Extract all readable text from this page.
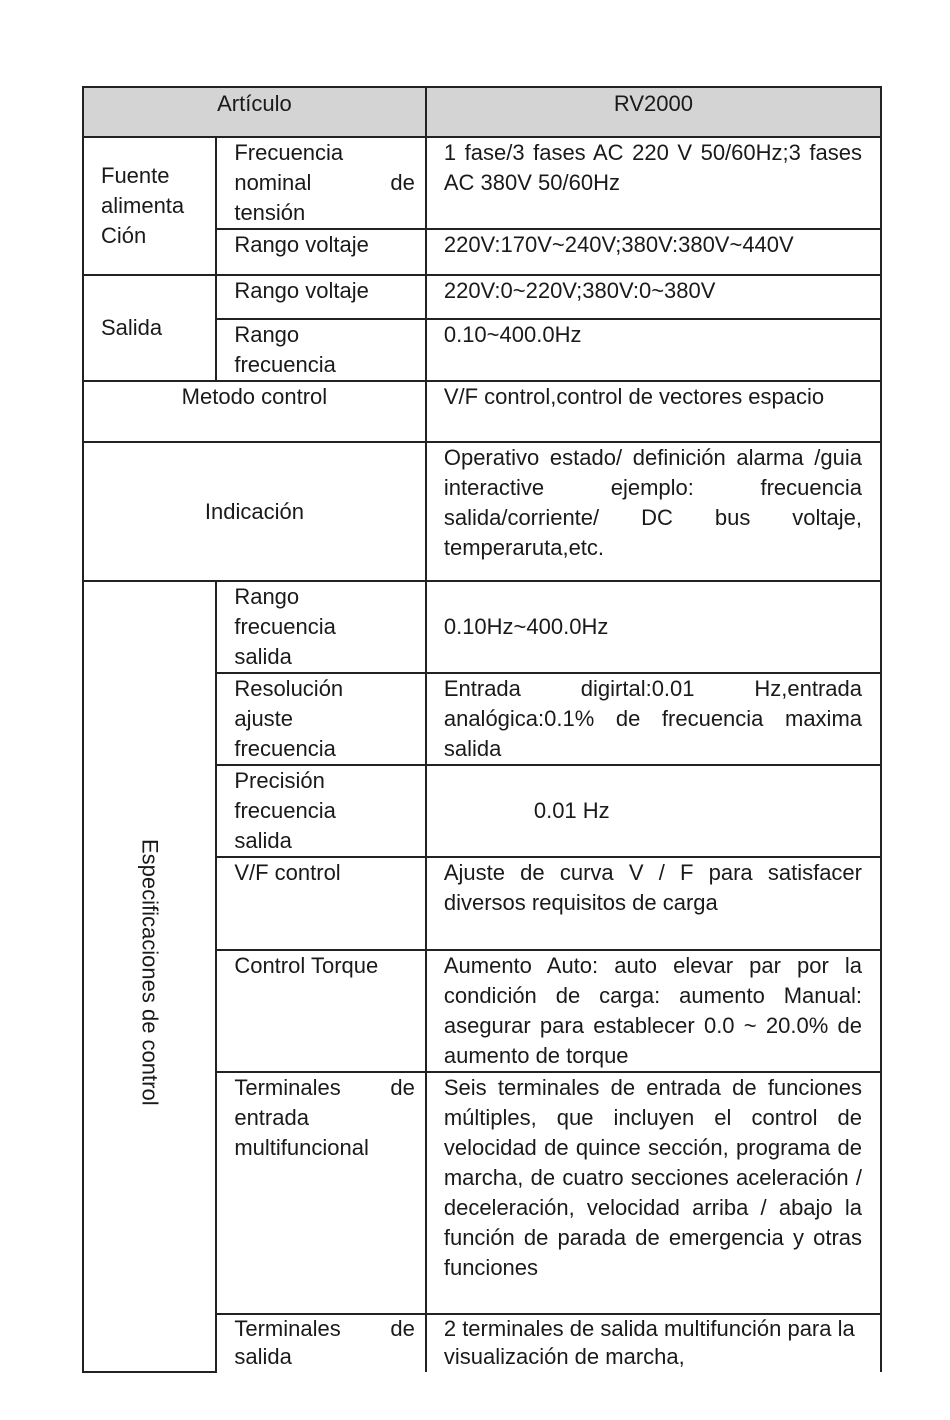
Artículo		RV2000

Fuente alimenta Ción	Frecuencia nominal de tensión	1 fase/3 fases AC 220 V 50/60Hz;3 fases AC 380V 50/60Hz
	Rango voltaje	220V:170V~240V;380V:380V~440V
Salida	Rango voltaje	220V:0~220V;380V:0~380V

	Rango frecuencia	0.10~400.0Hz
Metodo control		V/F control,control de vectores espacio
Indicación		Operativo estado/ definición alarma /guia interactive ejemplo: frecuencia salida/corriente/ DC bus voltaje, temperaruta,etc.
Especificaciones de control	Rango frecuencia salida	0.10Hz~400.0Hz

	Resolución ajuste frecuencia	Entrada digirtal:0.01 Hz,entrada analógica:0.1% de frecuencia maxima salida

	Precisión frecuencia salida	0.01 Hz

	V/F control	Ajuste de curva V / F para satisfacer diversos requisitos de carga
	Control Torque	Aumento Auto: auto elevar par por la condición de carga: aumento Manual: asegurar para establecer 0.0 ~ 20.0% de aumento de torque
	Terminales de entrada multifuncional	Seis terminales de entrada de funciones múltiples, que incluyen el control de velocidad de quince sección, programa de marcha, de cuatro secciones aceleración / deceleración, velocidad arriba / abajo la función de parada de emergencia y otras funciones
	Terminales de salida	2 terminales de salida multifunción para la visualización de marcha,
